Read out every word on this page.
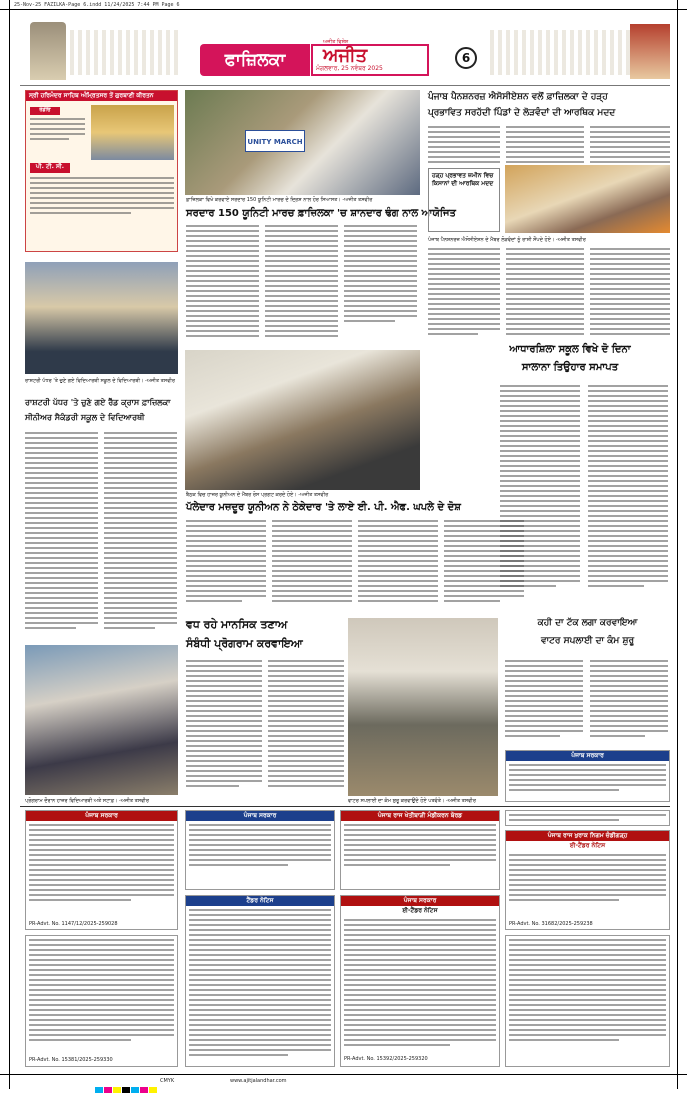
25-Nov-25 FAZILKA-Page 6.indd 11/24/2025 7:44 PM Page 6
ਫਾਜ਼ਿਲਕਾ	ਅਜੀਤ
ਅਜੀਤ ਵਿਸ਼ੇਸ਼
ਮੰਗਲਵਾਰ, 25 ਨਵੰਬਰ 2025
6
ਸ੍ਰੀ ਹਰਿਮੰਦਰ ਸਾਹਿਬ ਅੰਮ੍ਰਿਤਸਰ ਤੋਂ ਗੁਰਬਾਣੀ ਕੀਰਤਨ
ਰੇਡੀਓ
ਪੀ. ਟੀ. ਸੀ.
UNITY MARCH
ਫ਼ਾਜ਼ਿਲਕਾ ਵਿਖੇ ਕਰਵਾਏ ਸਰਦਾਰ 150 ਯੂਨਿਟੀ ਮਾਰਚ ਦੇ ਦ੍ਰਿਸ਼ ਨਾਲ ਹੋਰ ਸਿਆਸਤ। -ਅਜੀਤ ਤਸਵੀਰ
ਸਰਦਾਰ 150 ਯੂਨਿਟੀ ਮਾਰਚ ਫ਼ਾਜ਼ਿਲਕਾ 'ਚ ਸ਼ਾਨਦਾਰ ਢੰਗ ਨਾਲ ਆਯੋਜਿਤ
ਪੰਜਾਬ ਪੈਨਸ਼ਨਰਜ਼ ਐਸੋਸੀਏਸ਼ਨ ਵਲੋਂ ਫ਼ਾਜ਼ਿਲਕਾ ਦੇ ਹੜ੍ਹ
ਪ੍ਰਭਾਵਿਤ ਸਰਹੱਦੀ ਪਿੰਡਾਂ ਦੇ ਲੋੜਵੰਦਾਂ ਦੀ ਆਰਥਿਕ ਮਦਦ
ਹੜ੍ਹ ਪ੍ਰਭਾਵਤ ਜ਼ਮੀਨ ਵਿਚ ਕਿਸਾਨਾਂ ਦੀ ਆਰਥਿਕ ਮਦਦ
ਪੰਜਾਬ ਪੈਨਸ਼ਨਰਜ਼ ਐਸੋਸੀਏਸ਼ਨ ਦੇ ਮੈਂਬਰ ਲੋੜਵੰਦਾਂ ਨੂੰ ਰਾਸ਼ੀ ਸੌਂਪਦੇ ਹੋਏ। -ਅਜੀਤ ਤਸਵੀਰ
ਰਾਸ਼ਟਰੀ ਪੱਧਰ 'ਤੇ ਚੁਣੇ ਗਏ ਵਿਦਿਆਰਥੀ ਸਕੂਲ ਦੇ ਵਿਦਿਆਰਥੀ। -ਅਜੀਤ ਤਸਵੀਰ
ਰਾਸ਼ਟਰੀ ਪੱਧਰ 'ਤੇ ਚੁਣੇ ਗਏ ਰੈੱਡ ਕ੍ਰਾਸ ਫ਼ਾਜ਼ਿਲਕਾ
ਸੀਨੀਅਰ ਸੈਕੰਡਰੀ ਸਕੂਲ ਦੇ ਵਿਦਿਆਰਥੀ
ਬੈਠਕ ਵਿਚ ਹਾਜ਼ਰ ਯੂਨੀਅਨ ਦੇ ਮੈਂਬਰ ਰੋਸ ਪ੍ਰਗਟ ਕਰਦੇ ਹੋਏ। -ਅਜੀਤ ਤਸਵੀਰ
ਪੱਲੇਦਾਰ ਮਜ਼ਦੂਰ ਯੂਨੀਅਨ ਨੇ ਠੇਕੇਦਾਰ 'ਤੇ ਲਾਏ ਈ. ਪੀ. ਐਫ. ਘਪਲੇ ਦੇ ਦੋਸ਼
ਆਧਾਰਸ਼ਿਲਾ ਸਕੂਲ ਵਿਖੇ ਦੋ ਦਿਨਾ
ਸਾਲਾਨਾ ਤਿਉਹਾਰ ਸਮਾਪਤ
ਵਧ ਰਹੇ ਮਾਨਸਿਕ ਤਣਾਅ
ਸੰਬੰਧੀ ਪ੍ਰੋਗਰਾਮ ਕਰਵਾਇਆ
ਪ੍ਰੋਗਰਾਮ ਦੌਰਾਨ ਹਾਜ਼ਰ ਵਿਦਿਆਰਥੀ ਅਤੇ ਸਟਾਫ਼। -ਅਜੀਤ ਤਸਵੀਰ	ਵਾਟਰ ਸਪਲਾਈ ਦਾ ਕੰਮ ਸ਼ੁਰੂ ਕਰਵਾਉਂਦੇ ਹੋਏ ਪਤਵੰਤੇ। -ਅਜੀਤ ਤਸਵੀਰ
ਕਹੀ ਦਾ ਟੱਕ ਲਗਾ ਕਰਵਾਇਆ
ਵਾਟਰ ਸਪਲਾਈ ਦਾ ਕੰਮ ਸ਼ੁਰੂ
ਪੰਜਾਬ ਸਰਕਾਰ
ਪੰਜਾਬ ਸਰਕਾਰ
PR-Advt. No. 1147/12/2025-259028
ਪੰਜਾਬ ਸਰਕਾਰ	ਪੰਜਾਬ ਰਾਜ ਖੇਤੀਬਾੜੀ ਮੰਡੀਕਰਨ ਬੋਰਡ
ਪੰਜਾਬ ਰਾਜ ਖੁਰਾਕ ਨਿਗਮ ਚੰਡੀਗੜ੍ਹ
ਈ-ਟੈਂਡਰ ਨੋਟਿਸ
PR-Advt. No. 31682/2025-259238
ਟੈਂਡਰ ਨੋਟਿਸ	ਪੰਜਾਬ ਸਰਕਾਰ
ਈ-ਟੈਂਡਰ ਨੋਟਿਸ
PR-Advt. No. 15392/2025-259320
PR-Advt. No. 15381/2025-259330
CMYK	www.ajitjalandhar.com
